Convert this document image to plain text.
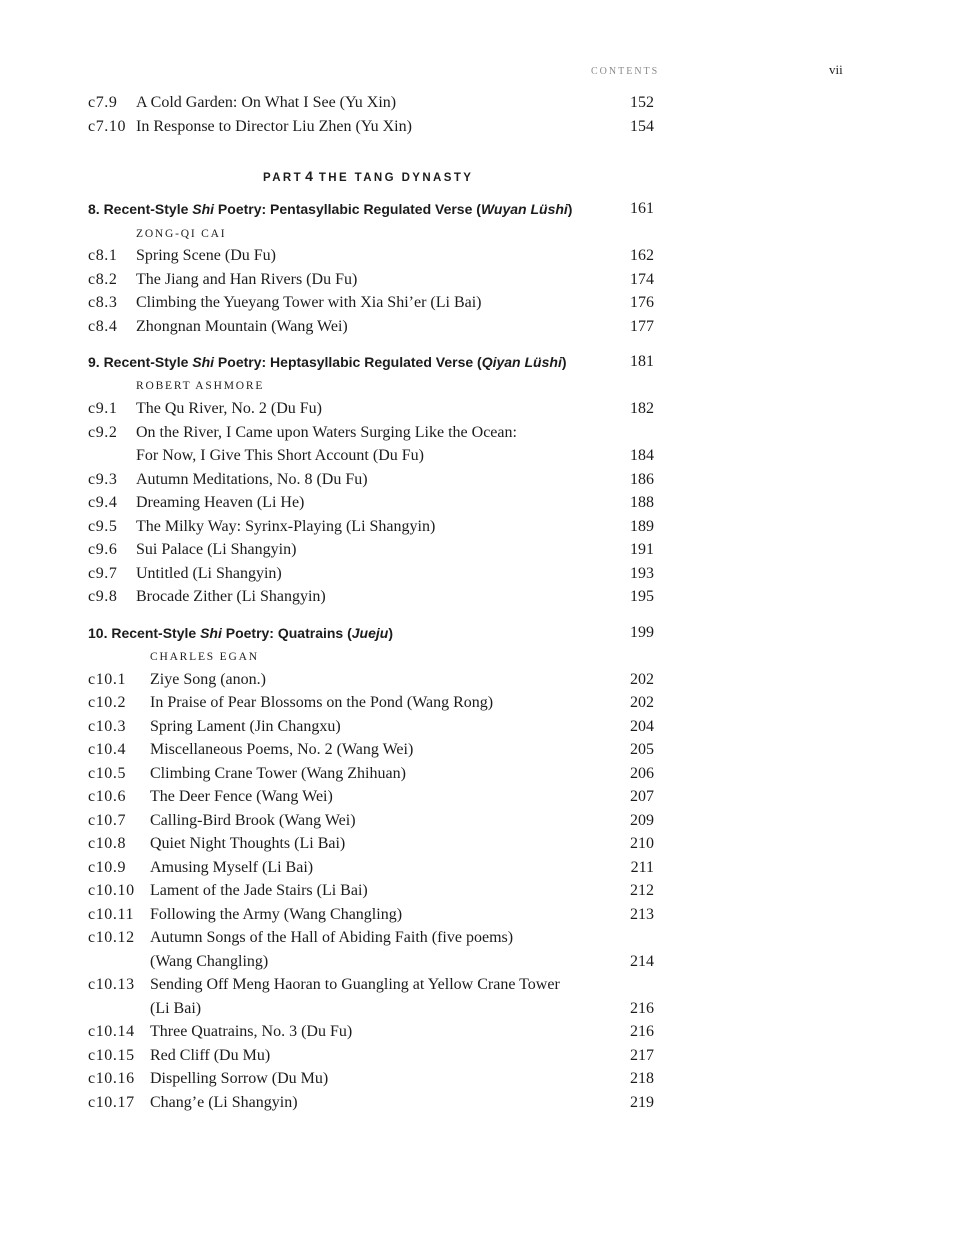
CONTENTS	vii
c7.9 A Cold Garden: On What I See (Yu Xin)	152
c7.10 In Response to Director Liu Zhen (Yu Xin)	154
PART 4 THE TANG DYNASTY
8. Recent-Style Shi Poetry: Pentasyllabic Regulated Verse (Wuyan Lüshi)	161
ZONG-QI CAI
c8.1 Spring Scene (Du Fu)	162
c8.2 The Jiang and Han Rivers (Du Fu)	174
c8.3 Climbing the Yueyang Tower with Xia Shi’er (Li Bai)	176
c8.4 Zhongnan Mountain (Wang Wei)	177
9. Recent-Style Shi Poetry: Heptasyllabic Regulated Verse (Qiyan Lüshi)	181
ROBERT ASHMORE
c9.1 The Qu River, No. 2 (Du Fu)	182
c9.2 On the River, I Came upon Waters Surging Like the Ocean:
For Now, I Give This Short Account (Du Fu)	184
c9.3 Autumn Meditations, No. 8 (Du Fu)	186
c9.4 Dreaming Heaven (Li He)	188
c9.5 The Milky Way: Syrinx-Playing (Li Shangyin)	189
c9.6 Sui Palace (Li Shangyin)	191
c9.7 Untitled (Li Shangyin)	193
c9.8 Brocade Zither (Li Shangyin)	195
10. Recent-Style Shi Poetry: Quatrains (Jueju)	199
CHARLES EGAN
c10.1 Ziye Song (anon.)	202
c10.2 In Praise of Pear Blossoms on the Pond (Wang Rong)	202
c10.3 Spring Lament (Jin Changxu)	204
c10.4 Miscellaneous Poems, No. 2 (Wang Wei)	205
c10.5 Climbing Crane Tower (Wang Zhihuan)	206
c10.6 The Deer Fence (Wang Wei)	207
c10.7 Calling-Bird Brook (Wang Wei)	209
c10.8 Quiet Night Thoughts (Li Bai)	210
c10.9 Amusing Myself (Li Bai)	211
c10.10 Lament of the Jade Stairs (Li Bai)	212
c10.11 Following the Army (Wang Changling)	213
c10.12 Autumn Songs of the Hall of Abiding Faith (five poems)
(Wang Changling)	214
c10.13 Sending Off Meng Haoran to Guangling at Yellow Crane Tower
(Li Bai)	216
c10.14 Three Quatrains, No. 3 (Du Fu)	216
c10.15 Red Cliff (Du Mu)	217
c10.16 Dispelling Sorrow (Du Mu)	218
c10.17 Chang’e (Li Shangyin)	219
